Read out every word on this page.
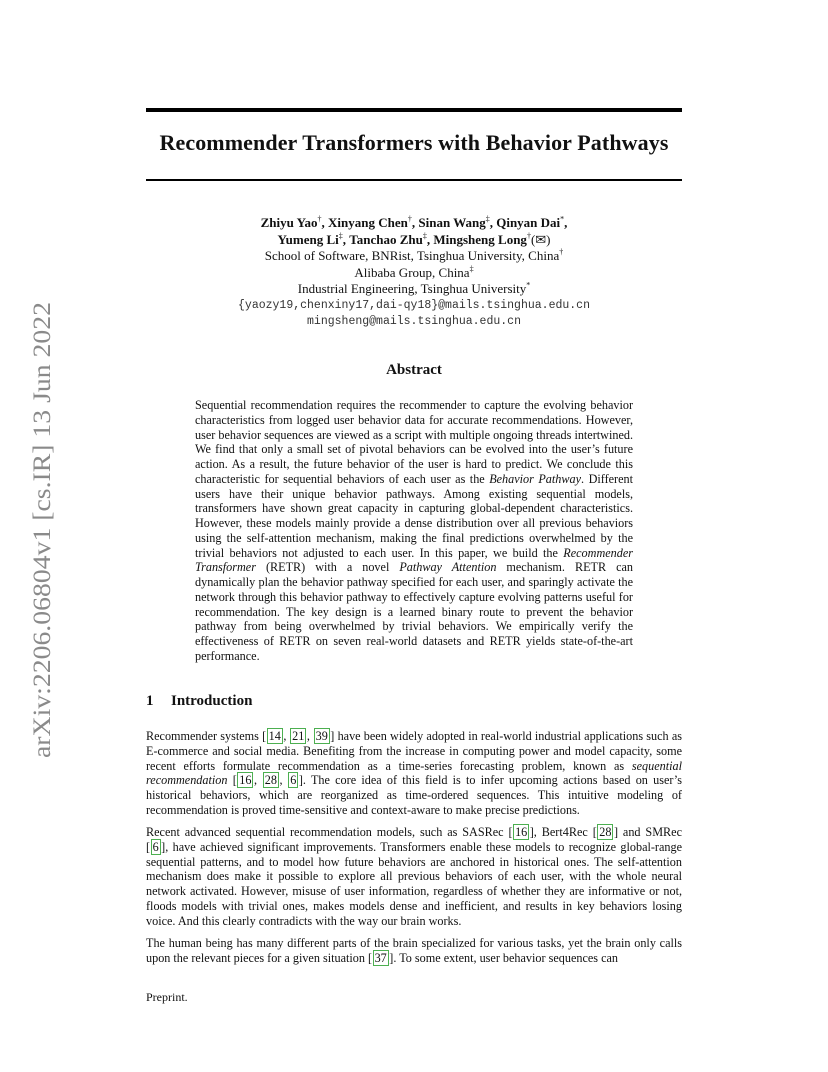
arXiv:2206.06804v1 [cs.IR] 13 Jun 2022
Recommender Transformers with Behavior Pathways
Zhiyu Yao†, Xinyang Chen†, Sinan Wang‡, Qinyan Dai*,
Yumeng Li‡, Tanchao Zhu‡, Mingsheng Long†(✉)
School of Software, BNRist, Tsinghua University, China†
Alibaba Group, China‡
Industrial Engineering, Tsinghua University*
{yaozy19,chenxiny17,dai-qy18}@mails.tsinghua.edu.cn
mingsheng@mails.tsinghua.edu.cn
Abstract
Sequential recommendation requires the recommender to capture the evolving behavior characteristics from logged user behavior data for accurate recommendations. However, user behavior sequences are viewed as a script with multiple ongoing threads intertwined. We find that only a small set of pivotal behaviors can be evolved into the user’s future action. As a result, the future behavior of the user is hard to predict. We conclude this characteristic for sequential behaviors of each user as the Behavior Pathway. Different users have their unique behavior pathways. Among existing sequential models, transformers have shown great capacity in capturing global-dependent characteristics. However, these models mainly provide a dense distribution over all previous behaviors using the self-attention mechanism, making the final predictions overwhelmed by the trivial behaviors not adjusted to each user. In this paper, we build the Recommender Transformer (RETR) with a novel Pathway Attention mechanism. RETR can dynamically plan the behavior pathway specified for each user, and sparingly activate the network through this behavior pathway to effectively capture evolving patterns useful for recommendation. The key design is a learned binary route to prevent the behavior pathway from being overwhelmed by trivial behaviors. We empirically verify the effectiveness of RETR on seven real-world datasets and RETR yields state-of-the-art performance.
1 Introduction

Recommender systems [ 14 , 21 , 39 ] have been widely adopted in real-world industrial applications such as E-commerce and social media. Benefiting from the increase in computing power and model capacity, some recent efforts formulate recommendation as a time-series forecasting problem, known as sequential recommendation [ 16 , 28 , 6 ]. The core idea of this field is to infer upcoming actions based on user’s historical behaviors, which are reorganized as time-ordered sequences. This intuitive modeling of recommendation is proved time-sensitive and context-aware to make precise predictions.

Recent advanced sequential recommendation models, such as SASRec [ 16 ], Bert4Rec [ 28 ] and SMRec [ 6 ], have achieved significant improvements. Transformers enable these models to recognize global-range sequential patterns, and to model how future behaviors are anchored in historical ones. The self-attention mechanism does make it possible to explore all previous behaviors of each user, with the whole neural network activated. However, misuse of user information, regardless of whether they are informative or not, floods models with trivial ones, makes models dense and inefficient, and results in key behaviors losing voice. And this clearly contradicts with the way our brain works.

The human being has many different parts of the brain specialized for various tasks, yet the brain only calls upon the relevant pieces for a given situation [ 37 ]. To some extent, user behavior sequences can

Preprint.
